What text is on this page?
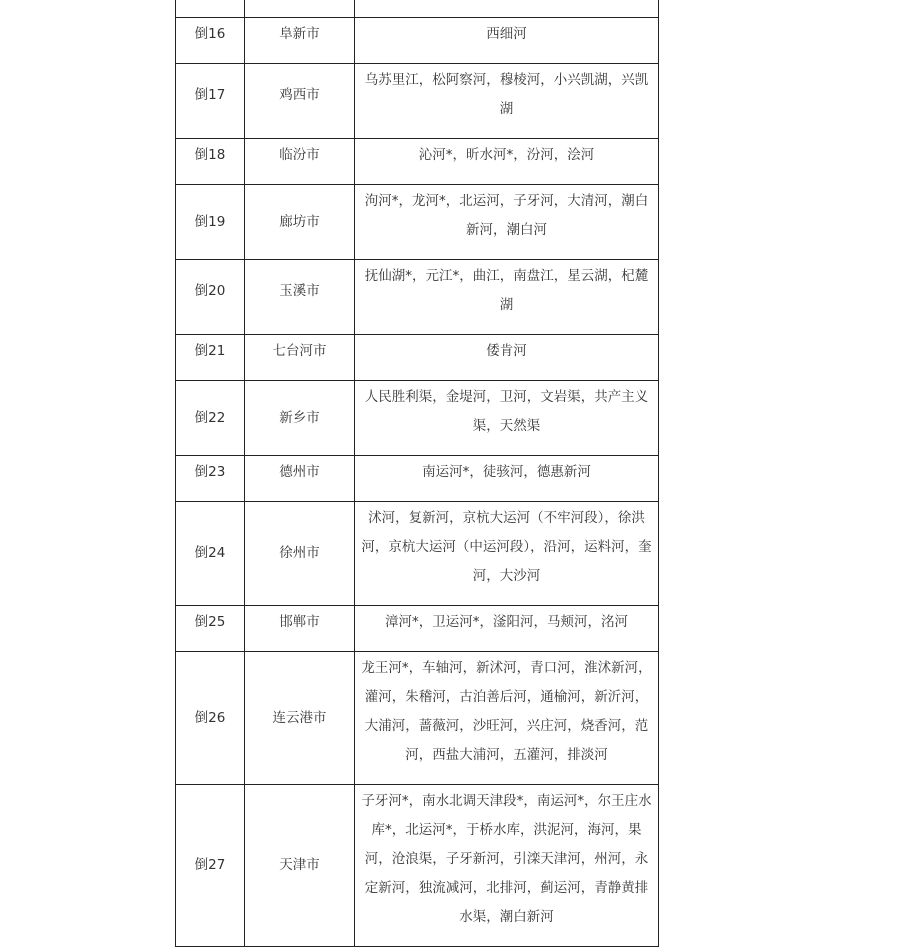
倒16	阜新市	西细河
倒17	鸡西市	乌苏里江，松阿察河，穆棱河，小兴凯湖，兴凯湖
倒18	临汾市	沁河*，昕水河*，汾河，浍河
倒19	廊坊市	泃河*，龙河*，北运河，子牙河，大清河，潮白新河，潮白河
倒20	玉溪市	抚仙湖*，元江*，曲江，南盘江，星云湖，杞麓湖
倒21	七台河市	倭肯河
倒22	新乡市	人民胜利渠，金堤河，卫河，文岩渠，共产主义渠，天然渠
倒23	德州市	南运河*，徒骇河，德惠新河
倒24	徐州市	沭河，复新河，京杭大运河（不牢河段），徐洪河，京杭大运河（中运河段），沿河，运料河，奎河，大沙河
倒25	邯郸市	漳河*，卫运河*，滏阳河，马颊河，洺河
倒26	连云港市	龙王河*，车轴河，新沭河，青口河，淮沭新河，灌河，朱稽河，古泊善后河，通榆河，新沂河，大浦河，蔷薇河，沙旺河，兴庄河，烧香河，范河，西盐大浦河，五灌河，排淡河
倒27	天津市	子牙河*，南水北调天津段*，南运河*，尔王庄水库*，北运河*，于桥水库，洪泥河，海河，果河，沧浪渠，子牙新河，引滦天津河，州河，永定新河，独流减河，北排河，蓟运河，青静黄排水渠，潮白新河
